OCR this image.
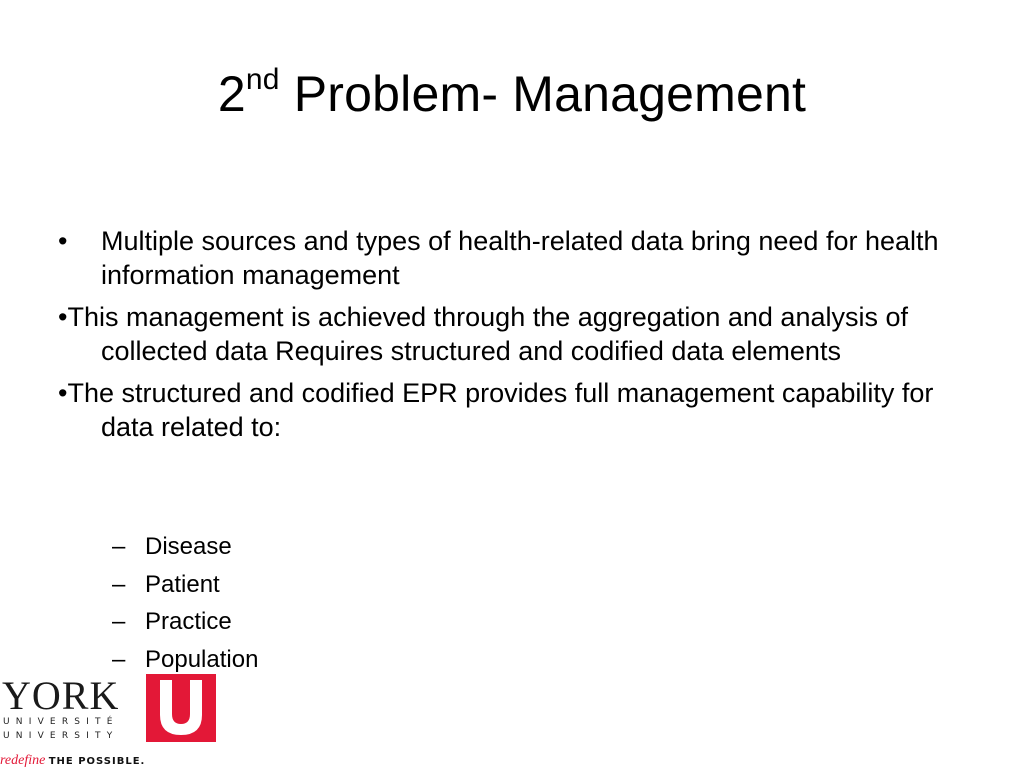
2nd Problem- Management
• Multiple sources and types of health-related data bring need for health information management
•This management is achieved through the aggregation and analysis of collected data Requires structured and codified data elements
•The structured and codified EPR provides full management capability for data related to:
– Disease
– Patient
– Practice
– Population
YORK
UNIVERSITÉ
UNIVERSITY
redefine THE POSSIBLE.
